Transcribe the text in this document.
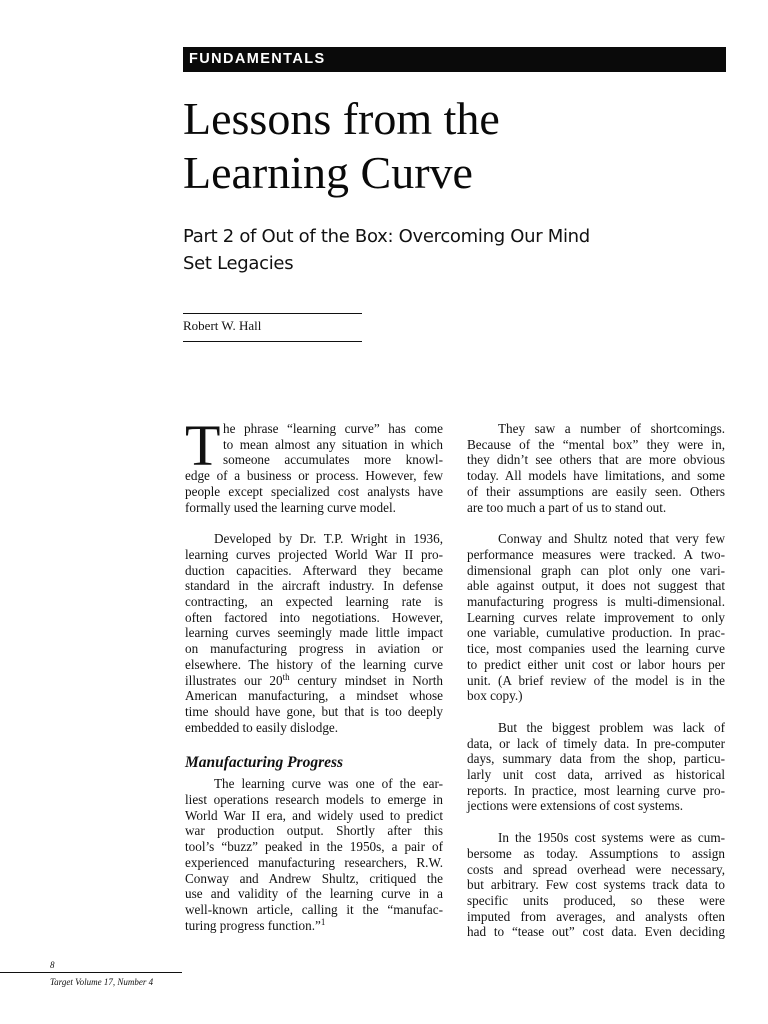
FUNDAMENTALS
Lessons from the
Learning Curve
Part 2 of Out of the Box: Overcoming Our Mind
Set Legacies
Robert W. Hall

T he phrase “learning curve” has come
to mean almost any situation in which
someone accumulates more knowl-
edge of a business or process. However, few
people except specialized cost analysts have
formally used the learning curve model.

Developed by Dr. T.P. Wright in 1936,
learning curves projected World War II pro-
duction capacities. Afterward they became
standard in the aircraft industry. In defense
contracting, an expected learning rate is
often factored into negotiations. However,
learning curves seemingly made little impact
on manufacturing progress in aviation or
elsewhere. The history of the learning curve
illustrates our 20th century mindset in North
American manufacturing, a mindset whose
time should have gone, but that is too deeply
embedded to easily dislodge.

Manufacturing Progress

The learning curve was one of the ear-
liest operations research models to emerge in
World War II era, and widely used to predict
war production output. Shortly after this
tool’s “buzz” peaked in the 1950s, a pair of
experienced manufacturing researchers, R.W.
Conway and Andrew Shultz, critiqued the
use and validity of the learning curve in a
well-known article, calling it the “manufac-
turing progress function.”$^1$

They saw a number of shortcomings.
Because of the “mental box” they were in,
they didn’t see others that are more obvious
today. All models have limitations, and some
of their assumptions are easily seen. Others
are too much a part of us to stand out.

Conway and Shultz noted that very few
performance measures were tracked. A two-
dimensional graph can plot only one vari-
able against output, it does not suggest that
manufacturing progress is multi-dimensional.
Learning curves relate improvement to only
one variable, cumulative production. In prac-
tice, most companies used the learning curve
to predict either unit cost or labor hours per
unit. (A brief review of the model is in the
box copy.)

But the biggest problem was lack of
data, or lack of timely data. In pre-computer
days, summary data from the shop, particu-
larly unit cost data, arrived as historical
reports. In practice, most learning curve pro-
jections were extensions of cost systems.

In the 1950s cost systems were as cum-
bersome as today. Assumptions to assign
costs and spread overhead were necessary,
but arbitrary. Few cost systems track data to
specific units produced, so these were
imputed from averages, and analysts often
had to “tease out” cost data. Even deciding

8
Target Volume 17, Number 4
